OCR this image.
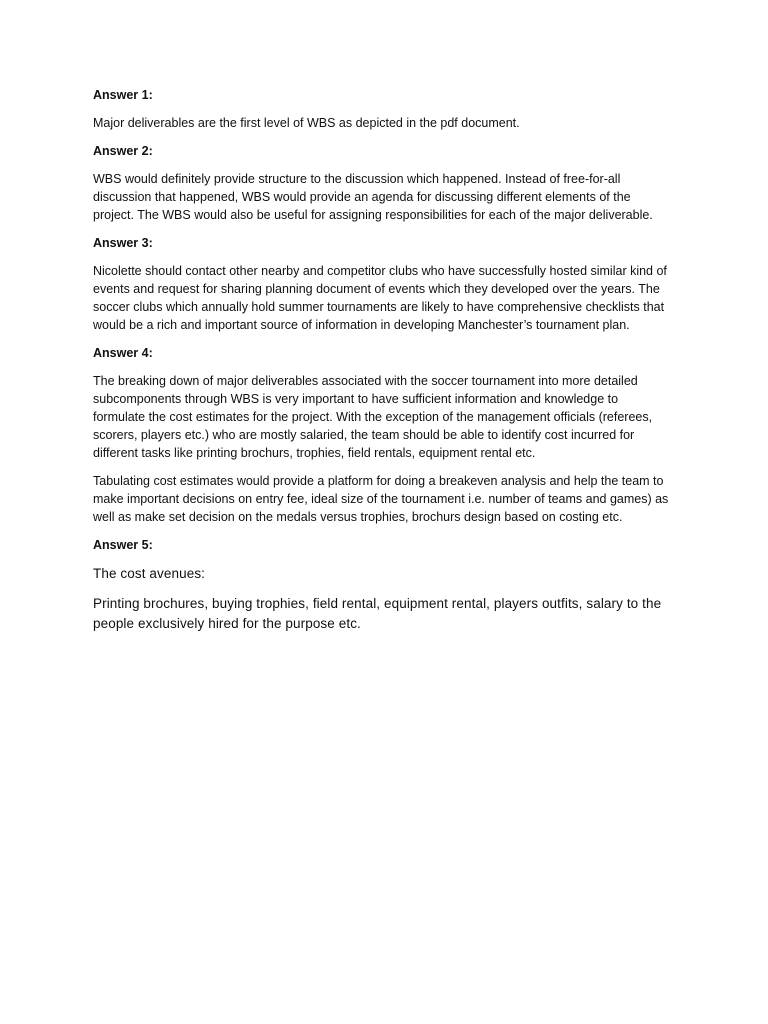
Answer 1:

Major deliverables are the first level of WBS as depicted in the pdf document.

Answer 2:

WBS would definitely provide structure to the discussion which happened. Instead of free-for-all discussion that happened, WBS would provide an agenda for discussing different elements of the project. The WBS would also be useful for assigning responsibilities for each of the major deliverable.

Answer 3:

Nicolette should contact other nearby and competitor clubs who have successfully hosted similar kind of events and request for sharing planning document of events which they developed over the years. The soccer clubs which annually hold summer tournaments are likely to have comprehensive checklists that would be a rich and important source of information in developing Manchester’s tournament plan.

Answer 4:

The breaking down of major deliverables associated with the soccer tournament into more detailed subcomponents through WBS is very important to have sufficient information and knowledge to formulate the cost estimates for the project. With the exception of the management officials (referees, scorers, players etc.) who are mostly salaried, the team should be able to identify cost incurred for different tasks like printing brochurs, trophies, field rentals, equipment rental etc.

Tabulating cost estimates would provide a platform for doing a breakeven analysis and help the team to make important decisions on entry fee, ideal size of the tournament i.e. number of teams and games) as well as make set decision on the medals versus trophies, brochurs design based on costing etc.

Answer 5:

The cost avenues:

Printing brochures, buying trophies, field rental, equipment rental, players outfits, salary to the people exclusively hired for the purpose etc.
